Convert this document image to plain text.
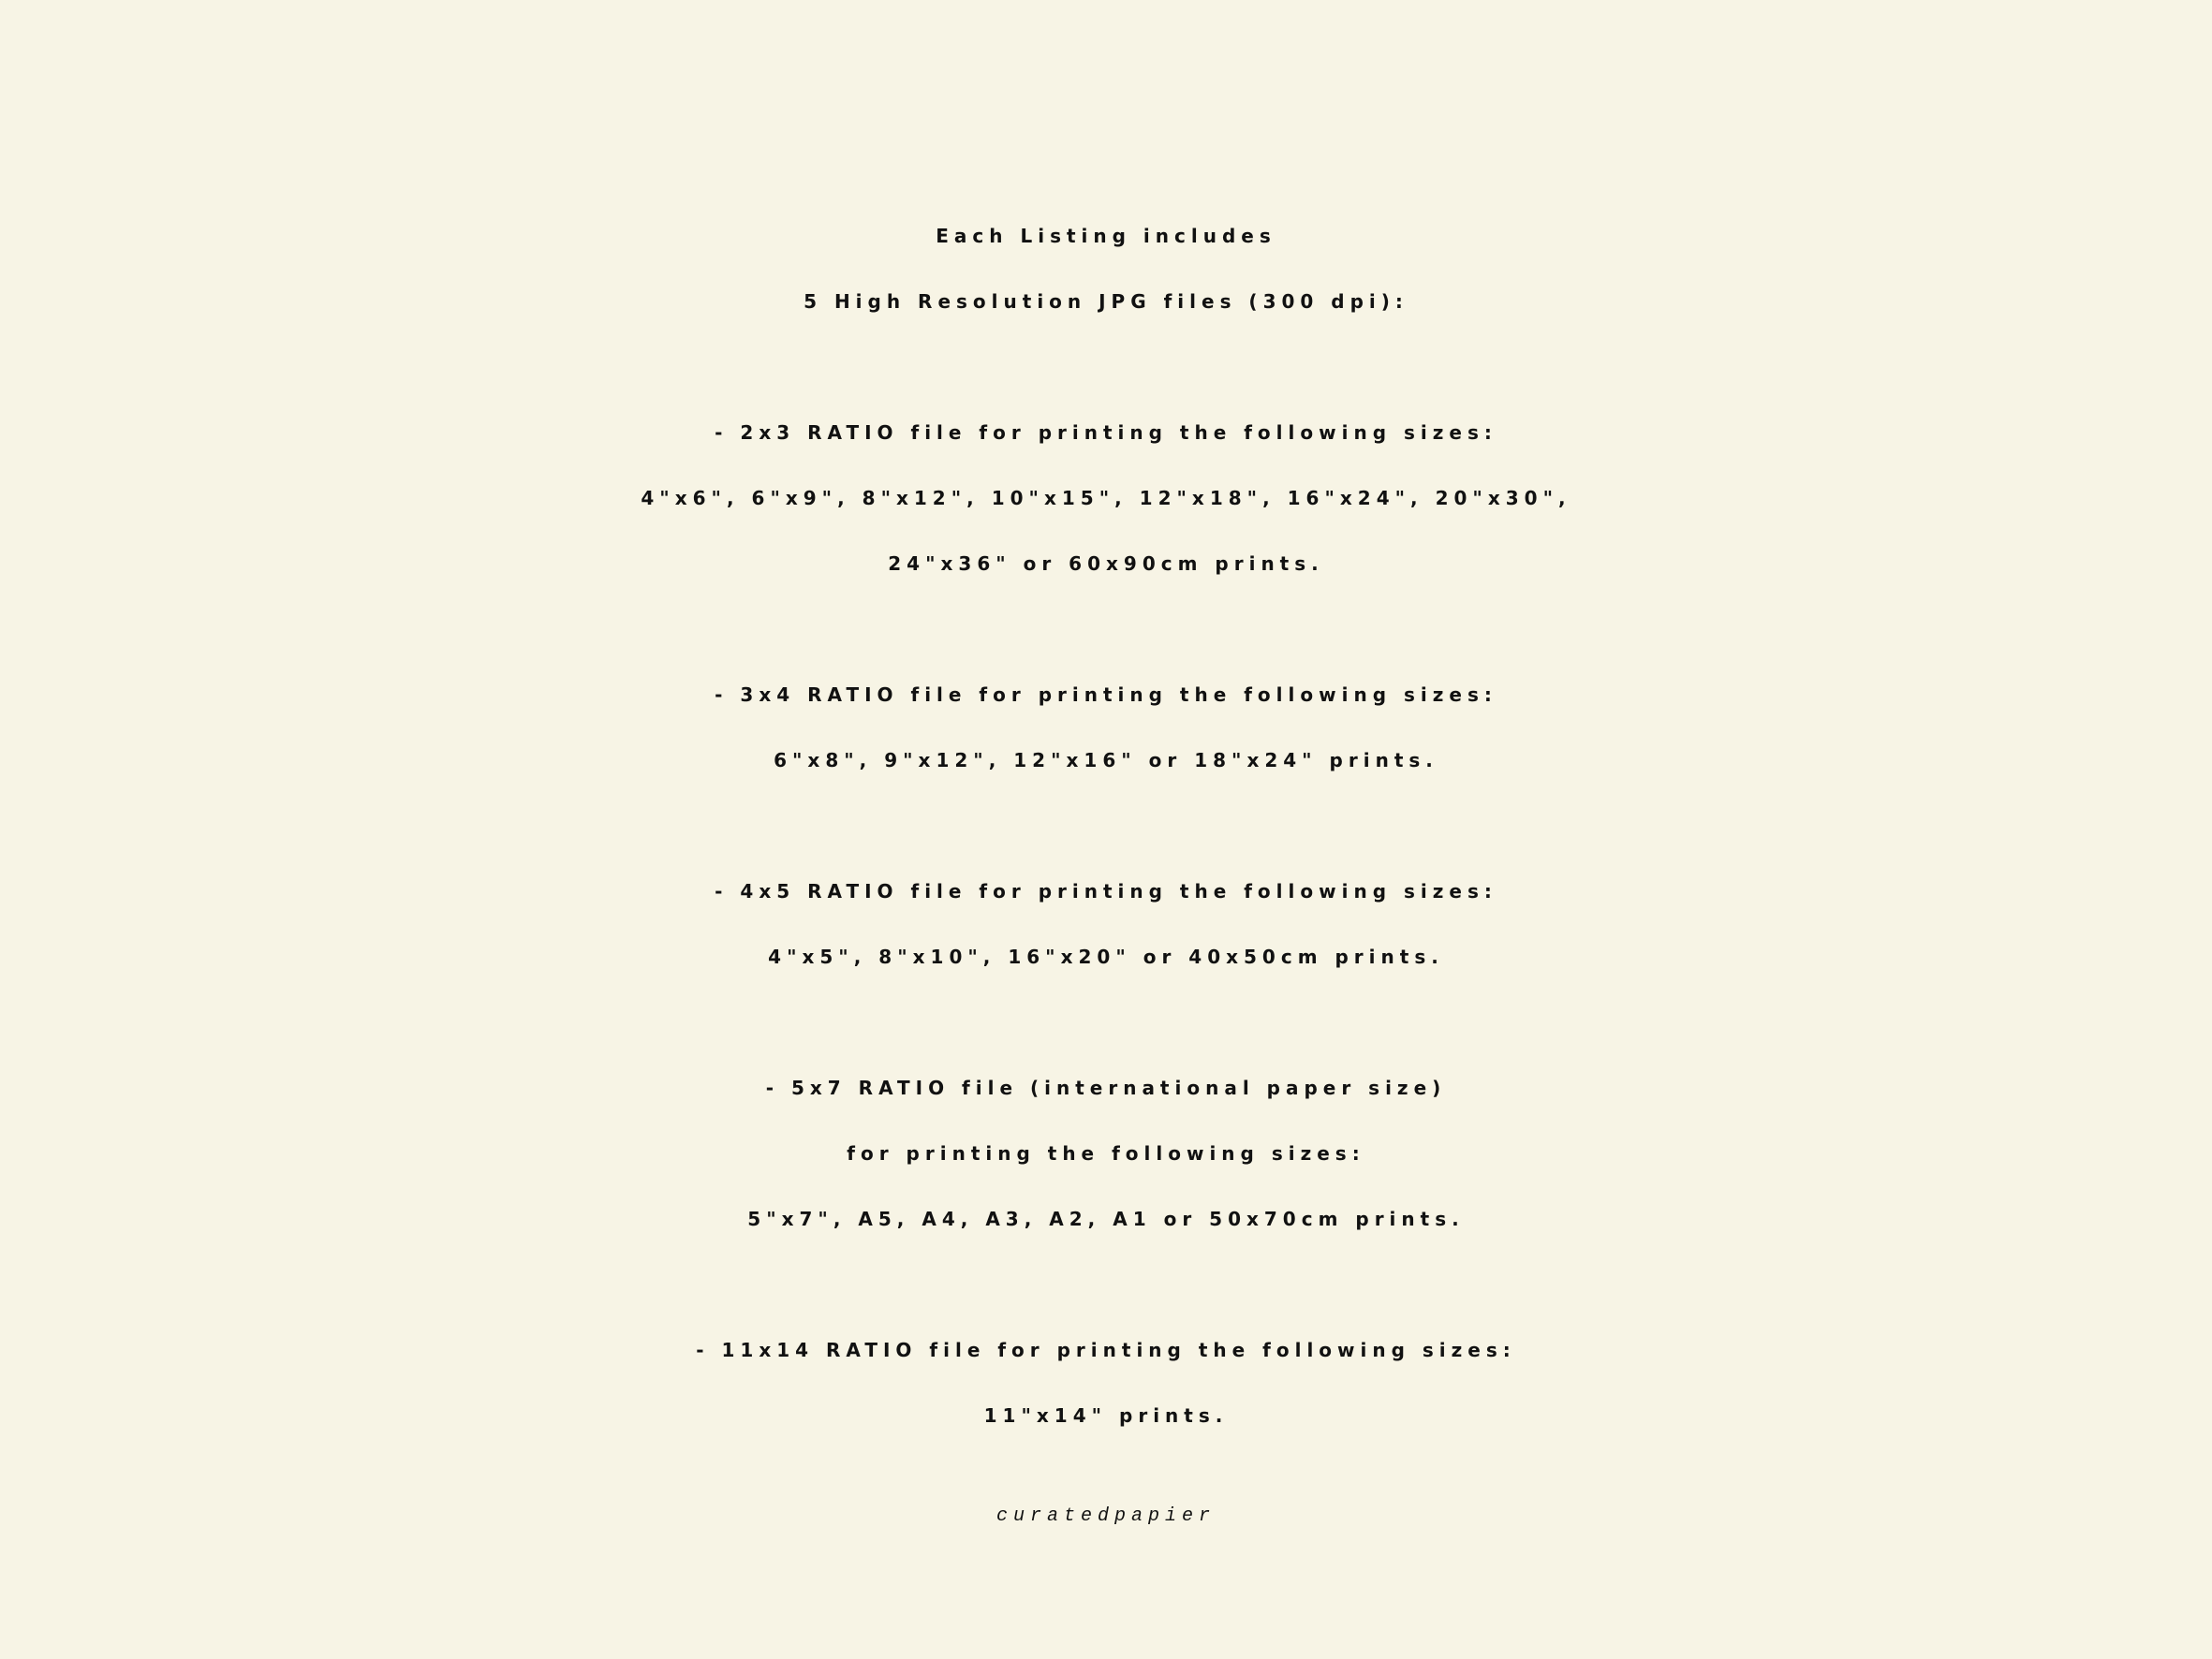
Each Listing includes
5 High Resolution JPG files (300 dpi):
- 2x3 RATIO file for printing the following sizes:
4"x6", 6"x9", 8"x12", 10"x15", 12"x18", 16"x24", 20"x30",
24"x36" or 60x90cm prints.
- 3x4 RATIO file for printing the following sizes:
6"x8", 9"x12", 12"x16" or 18"x24" prints.
- 4x5 RATIO file for printing the following sizes:
4"x5", 8"x10", 16"x20" or 40x50cm prints.
- 5x7 RATIO file (international paper size)
for printing the following sizes:
5"x7", A5, A4, A3, A2, A1 or 50x70cm prints.
- 11x14 RATIO file for printing the following sizes:
11"x14" prints.
curatedpapier
